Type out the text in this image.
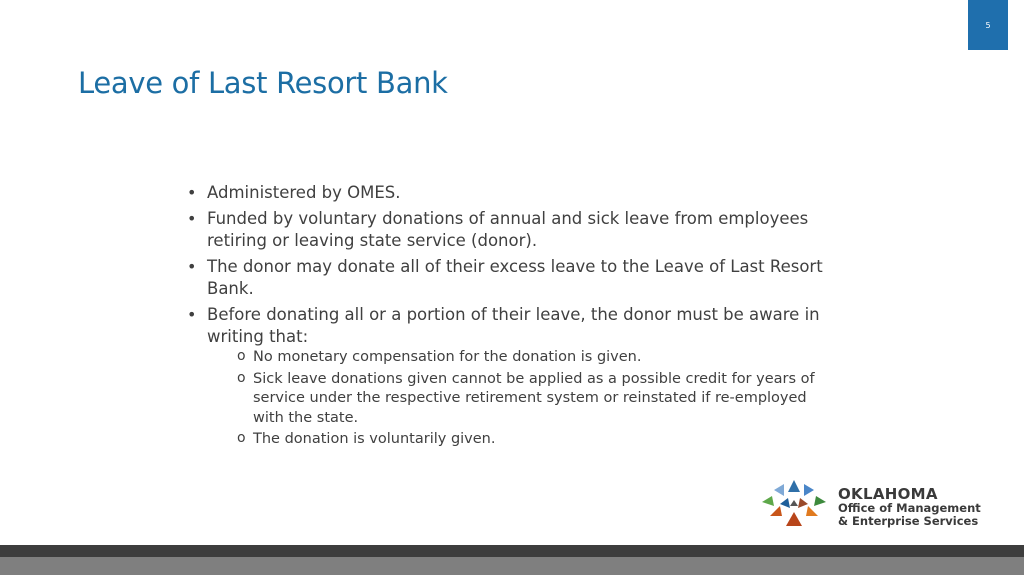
5
Leave of Last Resort Bank
• Administered by OMES.
• Funded by voluntary donations of annual and sick leave from employees retiring or leaving state service (donor).
• The donor may donate all of their excess leave to the Leave of Last Resort Bank.
• Before donating all or a portion of their leave, the donor must be aware in writing that:
o No monetary compensation for the donation is given.
o Sick leave donations given cannot be applied as a possible credit for years of service under the respective retirement system or reinstated if re-employed with the state.
o The donation is voluntarily given.
OKLAHOMA
Office of Management
& Enterprise Services
